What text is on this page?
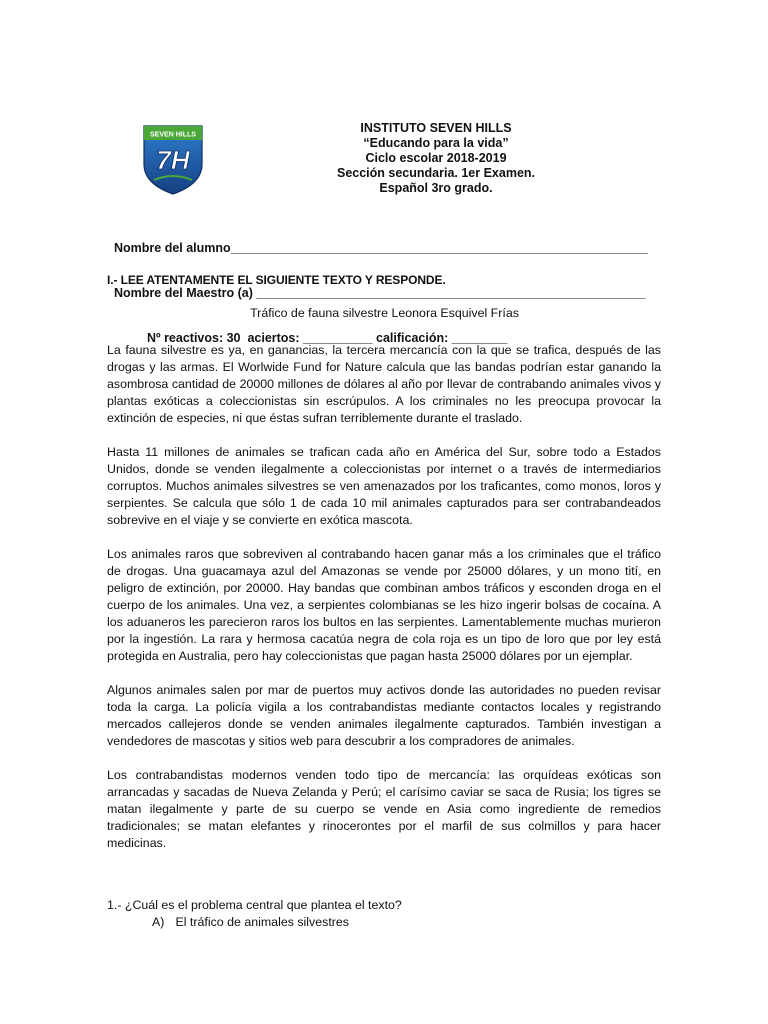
SEVEN HILLS
7H
INSTITUTO SEVEN HILLS
“Educando para la vida”
Ciclo escolar 2018-2019
Sección secundaria. 1er Examen.
Español 3ro grado.

Nombre del alumno____________________________________________________________

Nombre del Maestro (a) ________________________________________________________

Nº reactivos: 30  aciertos: __________ calificación: ________

I.- LEE ATENTAMENTE EL SIGUIENTE TEXTO Y RESPONDE.
Tráfico de fauna silvestre Leonora Esquivel Frías

La fauna silvestre es ya, en ganancias, la tercera mercancía con la que se trafica, después de las drogas y las armas. El Worlwide Fund for Nature calcula que las bandas podrían estar ganando la asombrosa cantidad de 20000 millones de dólares al año por llevar de contrabando animales vivos y plantas exóticas a coleccionistas sin escrúpulos. A los criminales no les preocupa provocar la extinción de especies, ni que éstas sufran terriblemente durante el traslado.

Hasta 11 millones de animales se trafican cada año en América del Sur, sobre todo a Estados Unidos, donde se venden ilegalmente a coleccionistas por internet o a través de intermediarios corruptos. Muchos animales silvestres se ven amenazados por los traficantes, como monos, loros y serpientes. Se calcula que sólo 1 de cada 10 mil animales capturados para ser contrabandeados sobrevive en el viaje y se convierte en exótica mascota.

Los animales raros que sobreviven al contrabando hacen ganar más a los criminales que el tráfico de drogas. Una guacamaya azul del Amazonas se vende por 25000 dólares, y un mono tití, en peligro de extinción, por 20000. Hay bandas que combinan ambos tráficos y esconden droga en el cuerpo de los animales. Una vez, a serpientes colombianas se les hizo ingerir bolsas de cocaína. A los aduaneros les parecieron raros los bultos en las serpientes. Lamentablemente muchas murieron por la ingestión. La rara y hermosa cacatúa negra de cola roja es un tipo de loro que por ley está protegida en Australia, pero hay coleccionistas que pagan hasta 25000 dólares por un ejemplar.

Algunos animales salen por mar de puertos muy activos donde las autoridades no pueden revisar toda la carga. La policía vigila a los contrabandistas mediante contactos locales y registrando mercados callejeros donde se venden animales ilegalmente capturados. También investigan a vendedores de mascotas y sitios web para descubrir a los compradores de animales.

Los contrabandistas modernos venden todo tipo de mercancía: las orquídeas exóticas son arrancadas y sacadas de Nueva Zelanda y Perú; el carísimo caviar se saca de Rusia; los tigres se matan ilegalmente y parte de su cuerpo se vende en Asia como ingrediente de remedios tradicionales; se matan elefantes y rinocerontes por el marfil de sus colmillos y para hacer medicinas.

1.- ¿Cuál es el problema central que plantea el texto?
A) El tráfico de animales silvestres
